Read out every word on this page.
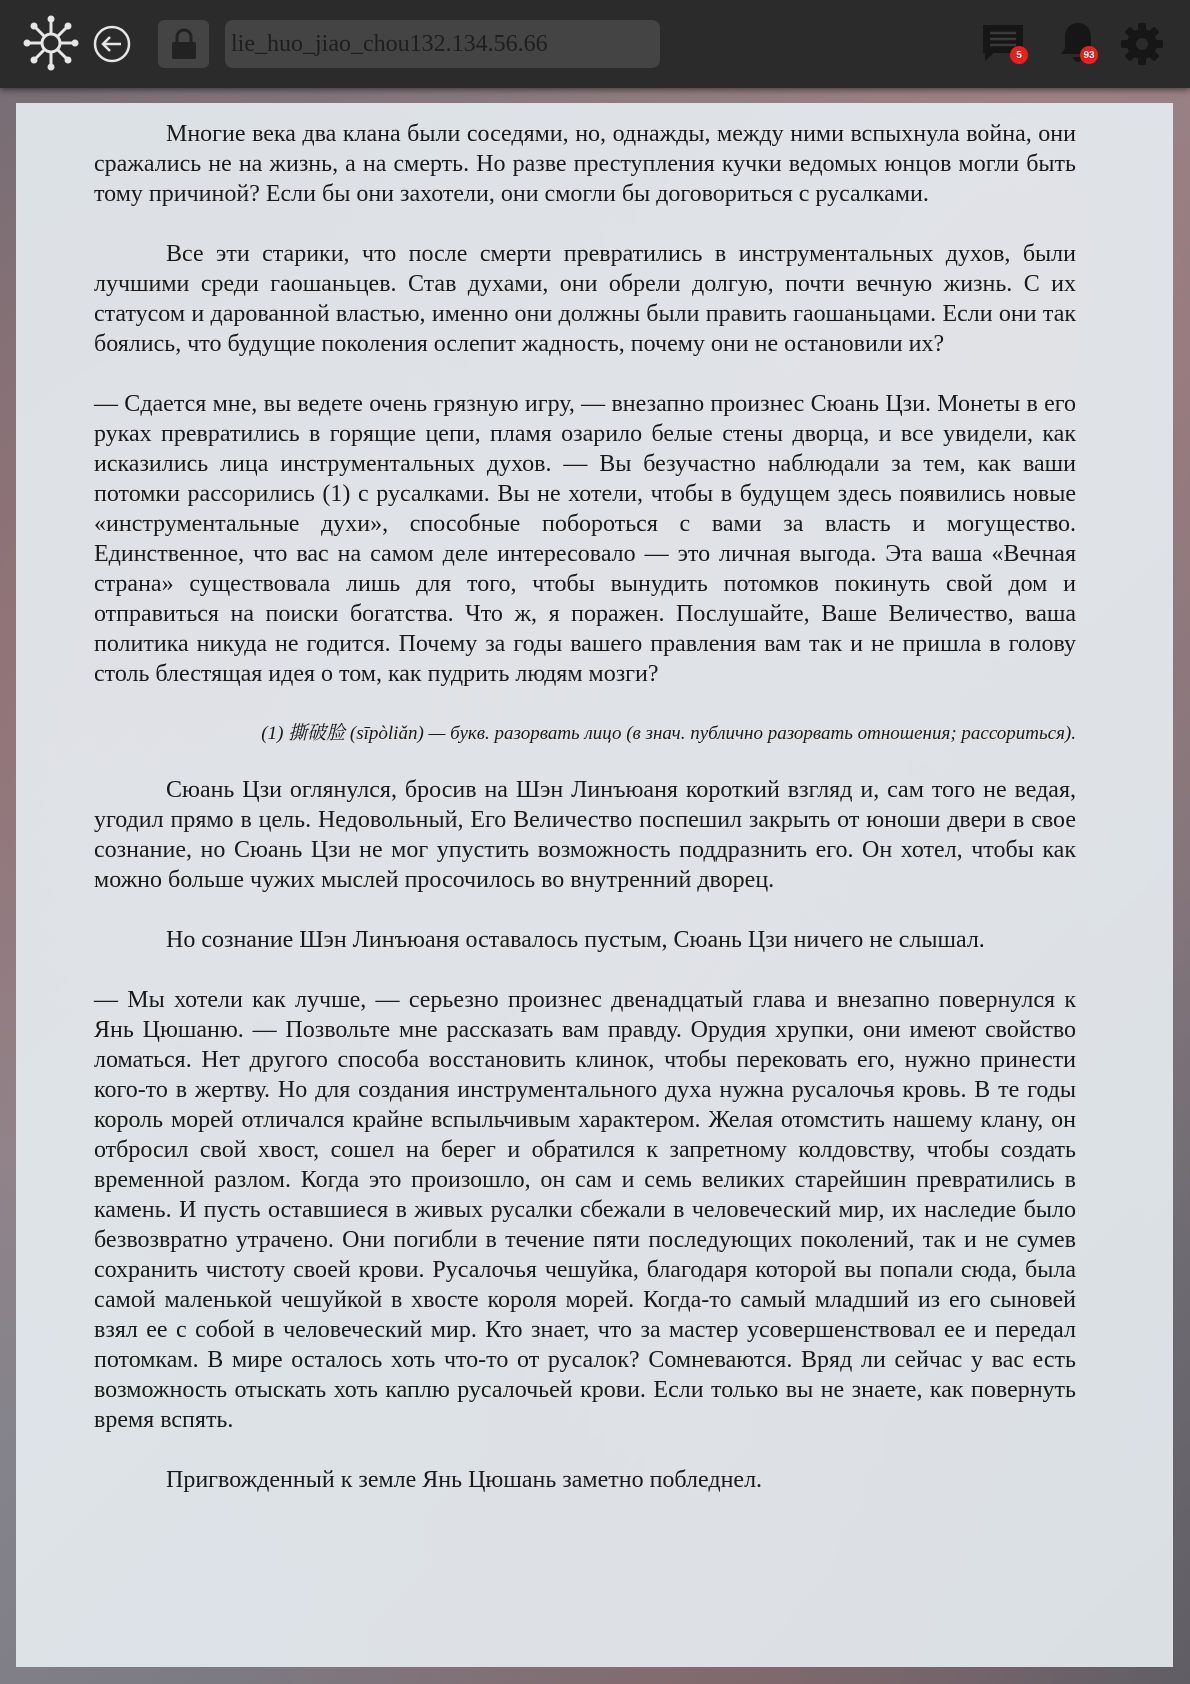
lie_huo_jiao_chou132.134.56.66	5	93

Многие века два клана были соседями, но, однажды, между ними вспыхнула война, они сражались не на жизнь, а на смерть. Но разве преступления кучки ведомых юнцов могли быть тому причиной? Если бы они захотели, они смогли бы договориться с русалками.

Все эти старики, что после смерти превратились в инструментальных духов, были лучшими среди гаошаньцев. Став духами, они обрели долгую, почти вечную жизнь. С их статусом и дарованной властью, именно они должны были править гаошаньцами. Если они так боялись, что будущие поколения ослепит жадность, почему они не остановили их?

— Сдается мне, вы ведете очень грязную игру, — внезапно произнес Сюань Цзи. Монеты в его руках превратились в горящие цепи, пламя озарило белые стены дворца, и все увидели, как исказились лица инструментальных духов. — Вы безучастно наблюдали за тем, как ваши потомки рассорились (1) с русалками. Вы не хотели, чтобы в будущем здесь появились новые «инструментальные духи», способные побороться с вами за власть и могущество. Единственное, что вас на самом деле интересовало — это личная выгода. Эта ваша «Вечная страна» существовала лишь для того, чтобы вынудить потомков покинуть свой дом и отправиться на поиски богатства. Что ж, я поражен. Послушайте, Ваше Величество, ваша политика никуда не годится. Почему за годы вашего правления вам так и не пришла в голову столь блестящая идея о том, как пудрить людям мозги?

(1) 撕破脸 (sīpòliǎn) — букв. разорвать лицо (в знач. публично разорвать отношения; рассориться).

Сюань Цзи оглянулся, бросив на Шэн Линъюаня короткий взгляд и, сам того не ведая, угодил прямо в цель. Недовольный, Его Величество поспешил закрыть от юноши двери в свое сознание, но Сюань Цзи не мог упустить возможность поддразнить его. Он хотел, чтобы как можно больше чужих мыслей просочилось во внутренний дворец.

Но сознание Шэн Линъюаня оставалось пустым, Сюань Цзи ничего не слышал.

— Мы хотели как лучше, — серьезно произнес двенадцатый глава и внезапно повернулся к Янь Цюшаню. — Позвольте мне рассказать вам правду. Орудия хрупки, они имеют свойство ломаться. Нет другого способа восстановить клинок, чтобы перековать его, нужно принести кого-то в жертву. Но для создания инструментального духа нужна русалочья кровь. В те годы король морей отличался крайне вспыльчивым характером. Желая отомстить нашему клану, он отбросил свой хвост, сошел на берег и обратился к запретному колдовству, чтобы создать временной разлом. Когда это произошло, он сам и семь великих старейшин превратились в камень. И пусть оставшиеся в живых русалки сбежали в человеческий мир, их наследие было безвозвратно утрачено. Они погибли в течение пяти последующих поколений, так и не сумев сохранить чистоту своей крови. Русалочья чешуйка, благодаря которой вы попали сюда, была самой маленькой чешуйкой в хвосте короля морей. Когда-то самый младший из его сыновей взял ее с собой в человеческий мир. Кто знает, что за мастер усовершенствовал ее и передал потомкам. В мире осталось хоть что-то от русалок? Сомневаются. Вряд ли сейчас у вас есть возможность отыскать хоть каплю русалочьей крови. Если только вы не знаете, как повернуть время вспять.

Пригвожденный к земле Янь Цюшань заметно побледнел.
